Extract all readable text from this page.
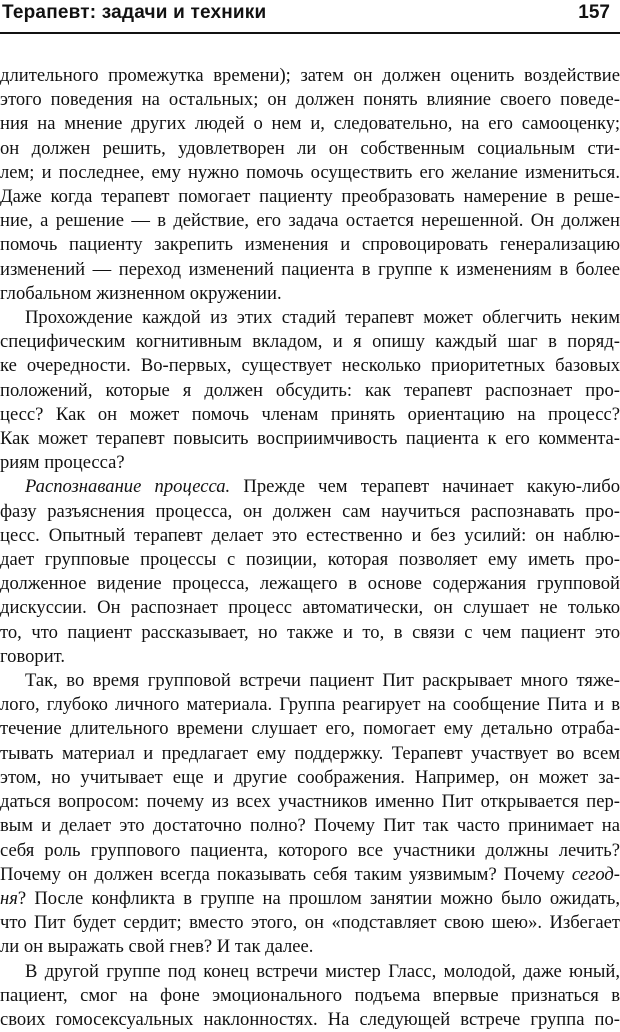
Терапевт: задачи и техники	157
длительного промежутка времени); затем он должен оценить воздействие
этого поведения на остальных; он должен понять влияние своего поведе-
ния на мнение других людей о нем и, следовательно, на его самооценку;
он должен решить, удовлетворен ли он собственным социальным сти-
лем; и последнее, ему нужно помочь осуществить его желание измениться.
Даже когда терапевт помогает пациенту преобразовать намерение в реше-
ние, а решение — в действие, его задача остается нерешенной. Он должен
помочь пациенту закрепить изменения и спровоцировать генерализацию
изменений — переход изменений пациента в группе к изменениям в более
глобальном жизненном окружении.
Прохождение каждой из этих стадий терапевт может облегчить неким
специфическим когнитивным вкладом, и я опишу каждый шаг в поряд-
ке очередности. Во-первых, существует несколько приоритетных базовых
положений, которые я должен обсудить: как терапевт распознает про-
цесс? Как он может помочь членам принять ориентацию на процесс?
Как может терапевт повысить восприимчивость пациента к его коммента-
риям процесса?
Распознавание процесса. Прежде чем терапевт начинает какую-либо
фазу разъяснения процесса, он должен сам научиться распознавать про-
цесс. Опытный терапевт делает это естественно и без усилий: он наблю-
дает групповые процессы с позиции, которая позволяет ему иметь про-
долженное видение процесса, лежащего в основе содержания групповой
дискуссии. Он распознает процесс автоматически, он слушает не только
то, что пациент рассказывает, но также и то, в связи с чем пациент это
говорит.
Так, во время групповой встречи пациент Пит раскрывает много тяже-
лого, глубоко личного материала. Группа реагирует на сообщение Пита и в
течение длительного времени слушает его, помогает ему детально отраба-
тывать материал и предлагает ему поддержку. Терапевт участвует во всем
этом, но учитывает еще и другие соображения. Например, он может за-
даться вопросом: почему из всех участников именно Пит открывается пер-
вым и делает это достаточно полно? Почему Пит так часто принимает на
себя роль группового пациента, которого все участники должны лечить?
Почему он должен всегда показывать себя таким уязвимым? Почему сегод-
ня? После конфликта в группе на прошлом занятии можно было ожидать,
что Пит будет сердит; вместо этого, он «подставляет свою шею». Избегает
ли он выражать свой гнев? И так далее.
В другой группе под конец встречи мистер Гласс, молодой, даже юный,
пациент, смог на фоне эмоционального подъема впервые признаться в
своих гомосексуальных наклонностях. На следующей встрече группа по-
